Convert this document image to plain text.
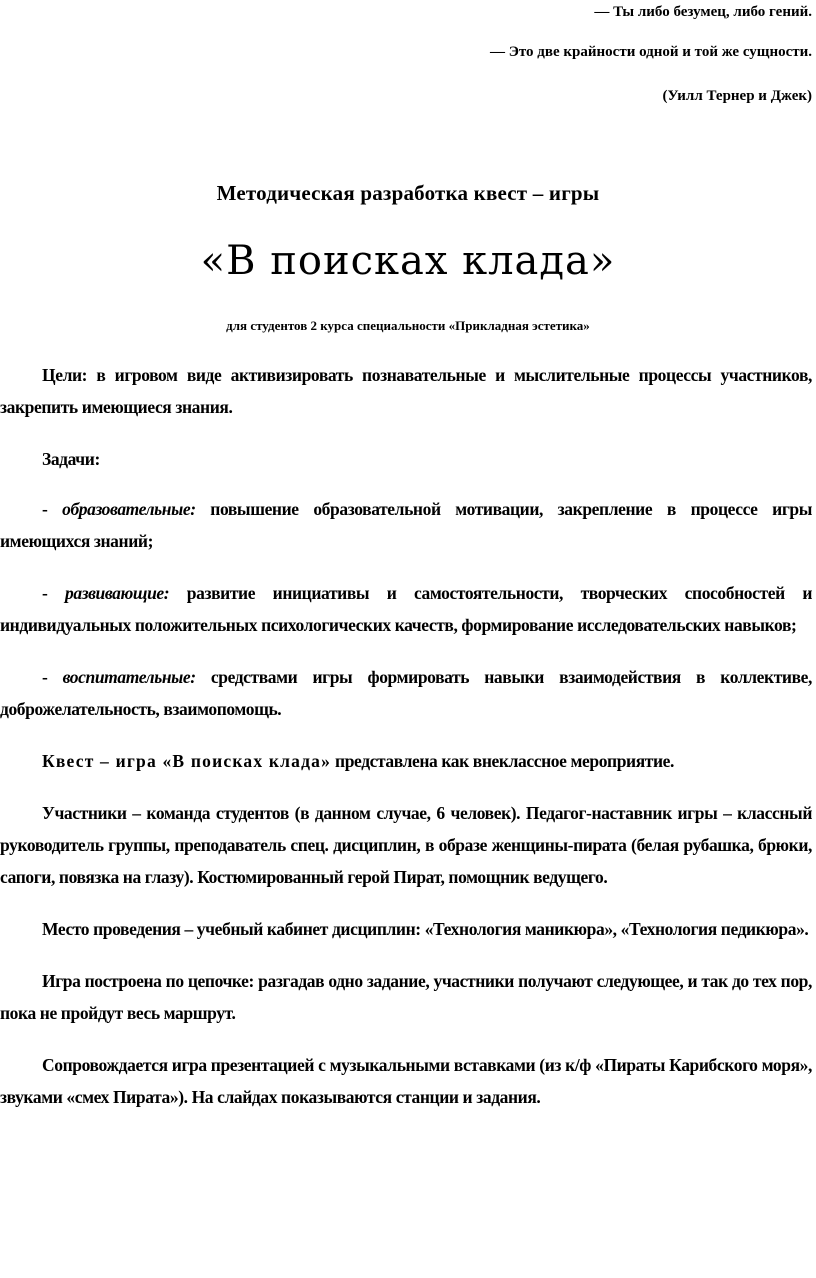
— Ты либо безумец, либо гений.
— Это две крайности одной и той же сущности.
(Уилл Тернер и Джек)
Методическая разработка квест – игры
«В поисках клада»
для студентов 2 курса специальности «Прикладная эстетика»

Цели: в игровом виде активизировать познавательные и мыслительные процессы участников, закрепить имеющиеся знания.

Задачи:

- образовательные: повышение образовательной мотивации, закрепление в процессе игры имеющихся знаний;

- развивающие: развитие инициативы и самостоятельности, творческих способностей и индивидуальных положительных психологических качеств, формирование исследовательских навыков;

- воспитательные: средствами игры формировать навыки взаимодействия в коллективе, доброжелательность, взаимопомощь.

Квест – игра «В поисках клада» представлена как внеклассное мероприятие.

Участники – команда студентов (в данном случае, 6 человек). Педагог-наставник игры – классный руководитель группы, преподаватель спец. дисциплин, в образе женщины-пирата (белая рубашка, брюки, сапоги, повязка на глазу). Костюмированный герой Пират, помощник ведущего.

Место проведения – учебный кабинет дисциплин: «Технология маникюра», «Технология педикюра».

Игра построена по цепочке: разгадав одно задание, участники получают следующее, и так до тех пор, пока не пройдут весь маршрут.

Сопровождается игра презентацией с музыкальными вставками (из к/ф «Пираты Карибского моря», звуками «смех Пирата»). На слайдах показываются станции и задания.
